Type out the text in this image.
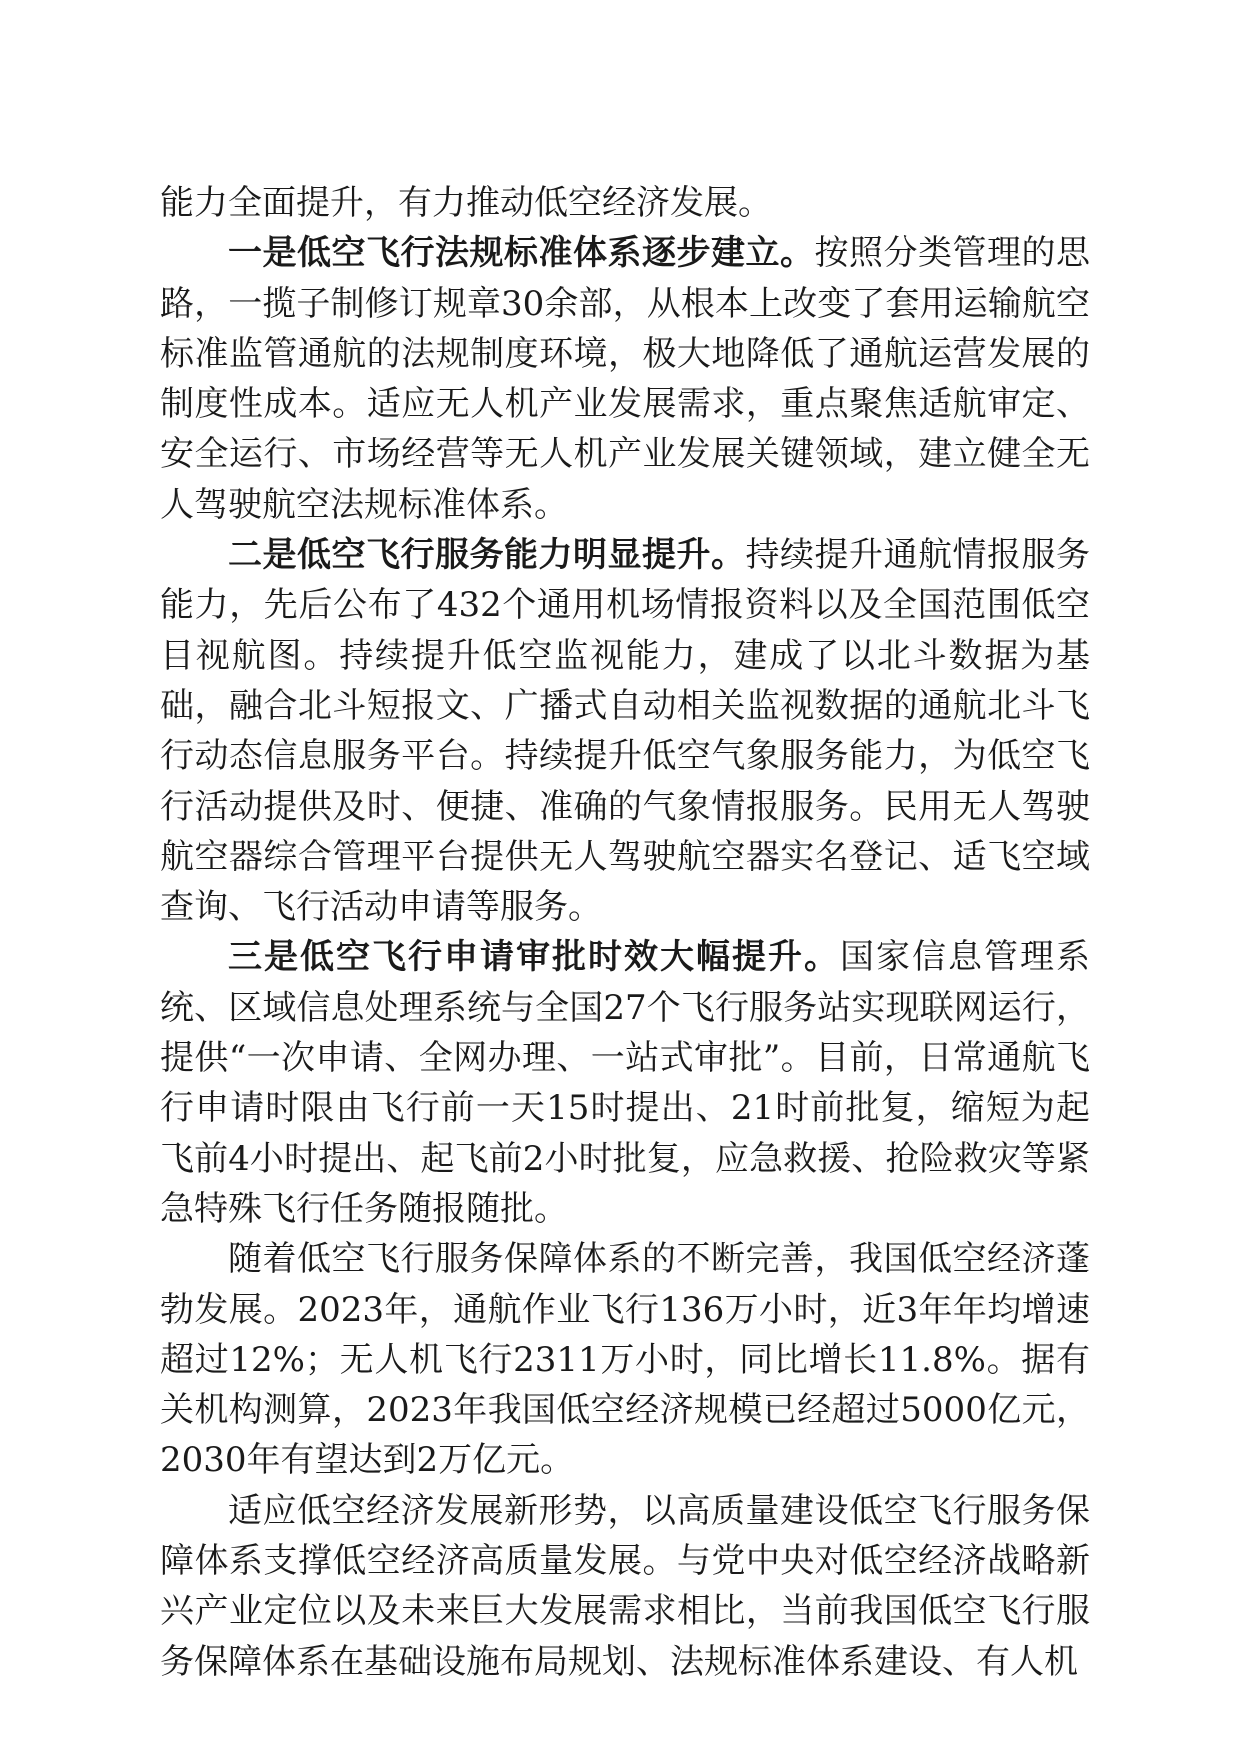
能力全面提升，有力推动低空经济发展。

一是低空飞行法规标准体系逐步建立。按照分类管理的思路，一揽子制修订规章30余部，从根本上改变了套用运输航空标准监管通航的法规制度环境，极大地降低了通航运营发展的制度性成本。适应无人机产业发展需求，重点聚焦适航审定、安全运行、市场经营等无人机产业发展关键领域，建立健全无人驾驶航空法规标准体系。

二是低空飞行服务能力明显提升。持续提升通航情报服务能力，先后公布了432个通用机场情报资料以及全国范围低空目视航图。持续提升低空监视能力，建成了以北斗数据为基础，融合北斗短报文、广播式自动相关监视数据的通航北斗飞行动态信息服务平台。持续提升低空气象服务能力，为低空飞行活动提供及时、便捷、准确的气象情报服务。民用无人驾驶航空器综合管理平台提供无人驾驶航空器实名登记、适飞空域查询、飞行活动申请等服务。

三是低空飞行申请审批时效大幅提升。国家信息管理系统、区域信息处理系统与全国27个飞行服务站实现联网运行，提供“一次申请、全网办理、一站式审批”。目前，日常通航飞行申请时限由飞行前一天15时提出、21时前批复，缩短为起飞前4小时提出、起飞前2小时批复，应急救援、抢险救灾等紧急特殊飞行任务随报随批。

随着低空飞行服务保障体系的不断完善，我国低空经济蓬勃发展。2023年，通航作业飞行136万小时，近3年年均增速超过12%；无人机飞行2311万小时，同比增长11.8%。据有关机构测算，2023年我国低空经济规模已经超过5000亿元，2030年有望达到2万亿元。

适应低空经济发展新形势，以高质量建设低空飞行服务保障体系支撑低空经济高质量发展。与党中央对低空经济战略新兴产业定位以及未来巨大发展需求相比，当前我国低空飞行服务保障体系在基础设施布局规划、法规标准体系建设、有人机
